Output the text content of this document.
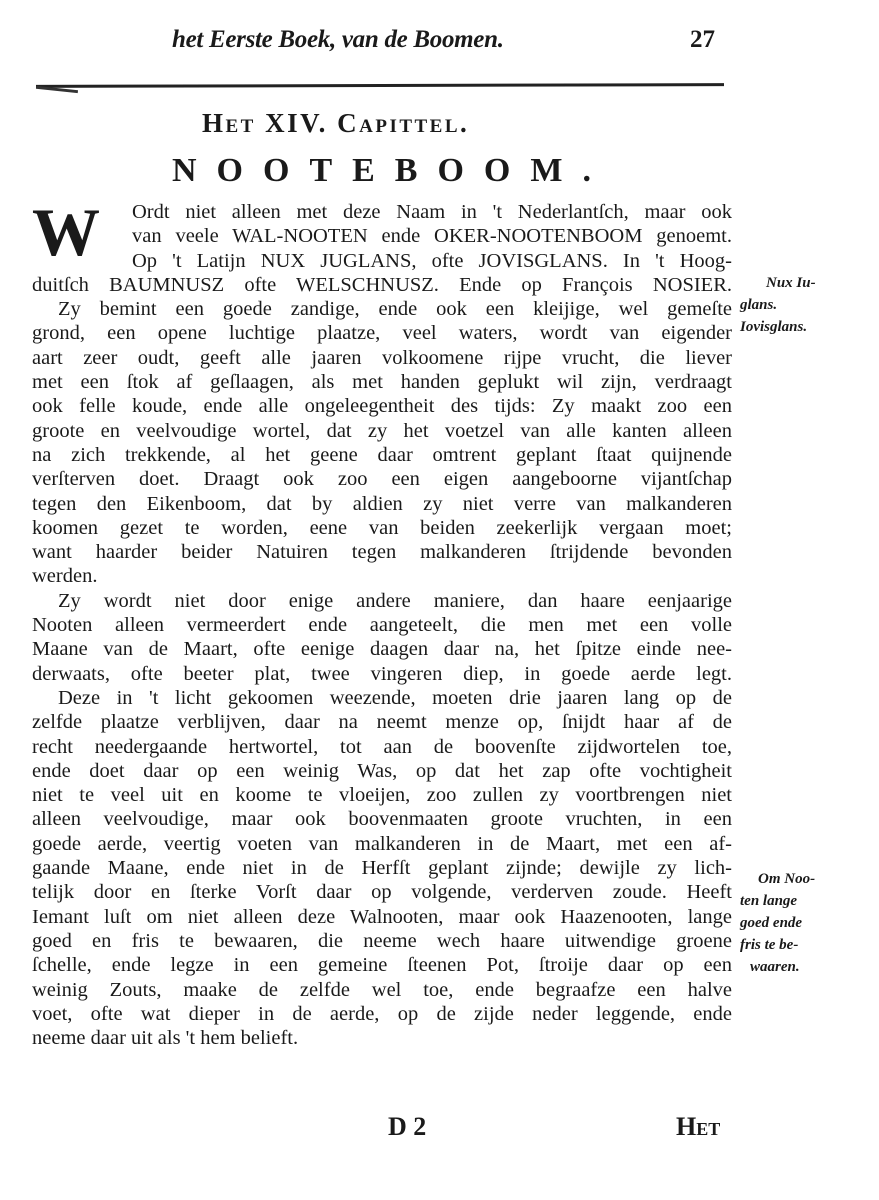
het Eerste Boek, van de Boomen.	27
Het XIV. Capittel.
NOOTEBOOM.
W	Ordt niet alleen met deze Naam in 't Nederlantſch, maar ook
van veele WAL-NOOTEN ende OKER-NOOTENBOOM genoemt.
Op 't Latijn NUX JUGLANS, ofte JOVISGLANS. In 't Hoog-
duitſch BAUMNUSZ ofte WELSCHNUSZ. Ende op François NOSIER.
Zy bemint een goede zandige, ende ook een kleijige, wel gemeſte
grond, een opene luchtige plaatze, veel waters, wordt van eigender
aart zeer oudt, geeft alle jaaren volkoomene rijpe vrucht, die liever
met een ſtok af geſlaagen, als met handen geplukt wil zijn, verdraagt
ook felle koude, ende alle ongeleegentheit des tijds: Zy maakt zoo een
groote en veelvoudige wortel, dat zy het voetzel van alle kanten alleen
na zich trekkende, al het geene daar omtrent geplant ſtaat quijnende
verſterven doet. Draagt ook zoo een eigen aangeboorne vijantſchap
tegen den Eikenboom, dat by aldien zy niet verre van malkanderen
koomen gezet te worden, eene van beiden zeekerlijk vergaan moet;
want haarder beider Natuiren tegen malkanderen ſtrijdende bevonden
werden.
Zy wordt niet door enige andere maniere, dan haare eenjaarige
Nooten alleen vermeerdert ende aangeteelt, die men met een volle
Maane van de Maart, ofte eenige daagen daar na, het ſpitze einde nee-
derwaats, ofte beeter plat, twee vingeren diep, in goede aerde legt.
Deze in 't licht gekoomen weezende, moeten drie jaaren lang op de
zelfde plaatze verblijven, daar na neemt menze op, ſnijdt haar af de
recht needergaande hertwortel, tot aan de boovenſte zijdwortelen toe,
ende doet daar op een weinig Was, op dat het zap ofte vochtigheit
niet te veel uit en koome te vloeijen, zoo zullen zy voortbrengen niet
alleen veelvoudige, maar ook boovenmaaten groote vruchten, in een
goede aerde, veertig voeten van malkanderen in de Maart, met een af-
gaande Maane, ende niet in de Herfſt geplant zijnde; dewijle zy lich-
telijk door en ſterke Vorſt daar op volgende, verderven zoude. Heeft
Iemant luſt om niet alleen deze Walnooten, maar ook Haazenooten, lange
goed en fris te bewaaren, die neeme wech haare uitwendige groene
ſchelle, ende legze in een gemeine ſteenen Pot, ſtroije daar op een
weinig Zouts, maake de zelfde wel toe, ende begraafze een halve
voet, ofte wat dieper in de aerde, op de zijde neder leggende, ende
neeme daar uit als 't hem belieft.
Nux Iu-
glans.
Iovisglans.
Om Noo-
ten lange
goed ende
fris te be-
waaren.
D 2	Het
